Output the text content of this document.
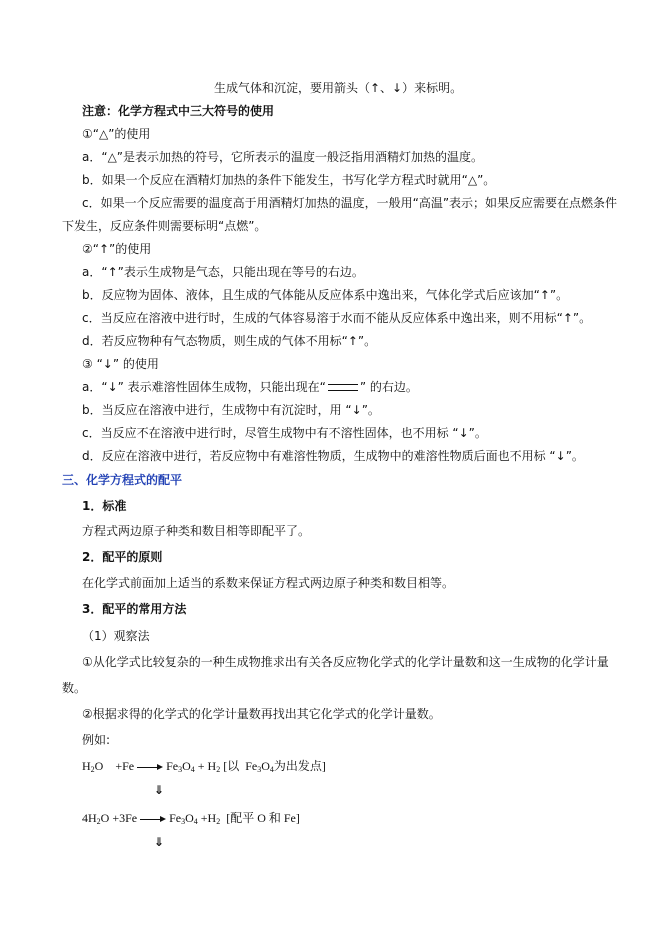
生成气体和沉淀，要用箭头（↑、↓）来标明。
注意：化学方程式中三大符号的使用
①“△”的使用
a．“△”是表示加热的符号，它所表示的温度一般泛指用酒精灯加热的温度。
b．如果一个反应在酒精灯加热的条件下能发生，书写化学方程式时就用“△”。
c．如果一个反应需要的温度高于用酒精灯加热的温度，一般用“高温”表示；如果反应需要在点燃条件
下发生，反应条件则需要标明“点燃”。
②“↑”的使用
a．“↑”表示生成物是气态，只能出现在等号的右边。
b．反应物为固体、液体，且生成的气体能从反应体系中逸出来，气体化学式后应该加“↑”。
c．当反应在溶液中进行时，生成的气体容易溶于水而不能从反应体系中逸出来，则不用标“↑”。
d．若反应物种有气态物质，则生成的气体不用标“↑”。
③ “↓” 的使用
a．“↓” 表示难溶性固体生成物，只能出现在“	” 的右边。
b．当反应在溶液中进行，生成物中有沉淀时，用 “↓”。
c．当反应不在溶液中进行时，尽管生成物中有不溶性固体，也不用标 “↓”。
d．反应在溶液中进行，若反应物中有难溶性物质，生成物中的难溶性物质后面也不用标 “↓”。
三、化学方程式的配平
1．标准
方程式两边原子种类和数目相等即配平了。
2．配平的原则
在化学式前面加上适当的系数来保证方程式两边原子种类和数目相等。
3．配平的常用方法
（1）观察法
①从化学式比较复杂的一种生成物推求出有关各反应物化学式的化学计量数和这一生成物的化学计量
数。
②根据求得的化学式的化学计量数再找出其它化学式的化学计量数。
例如:
$H_2O$    +Fe	$Fe_3O_4 + H_2$ [以  $Fe_3O_4$为出发点]
⇓
$4H_2O +3Fe$	$Fe_3O_4 +H_2$  [配平 O 和 Fe]
⇓
